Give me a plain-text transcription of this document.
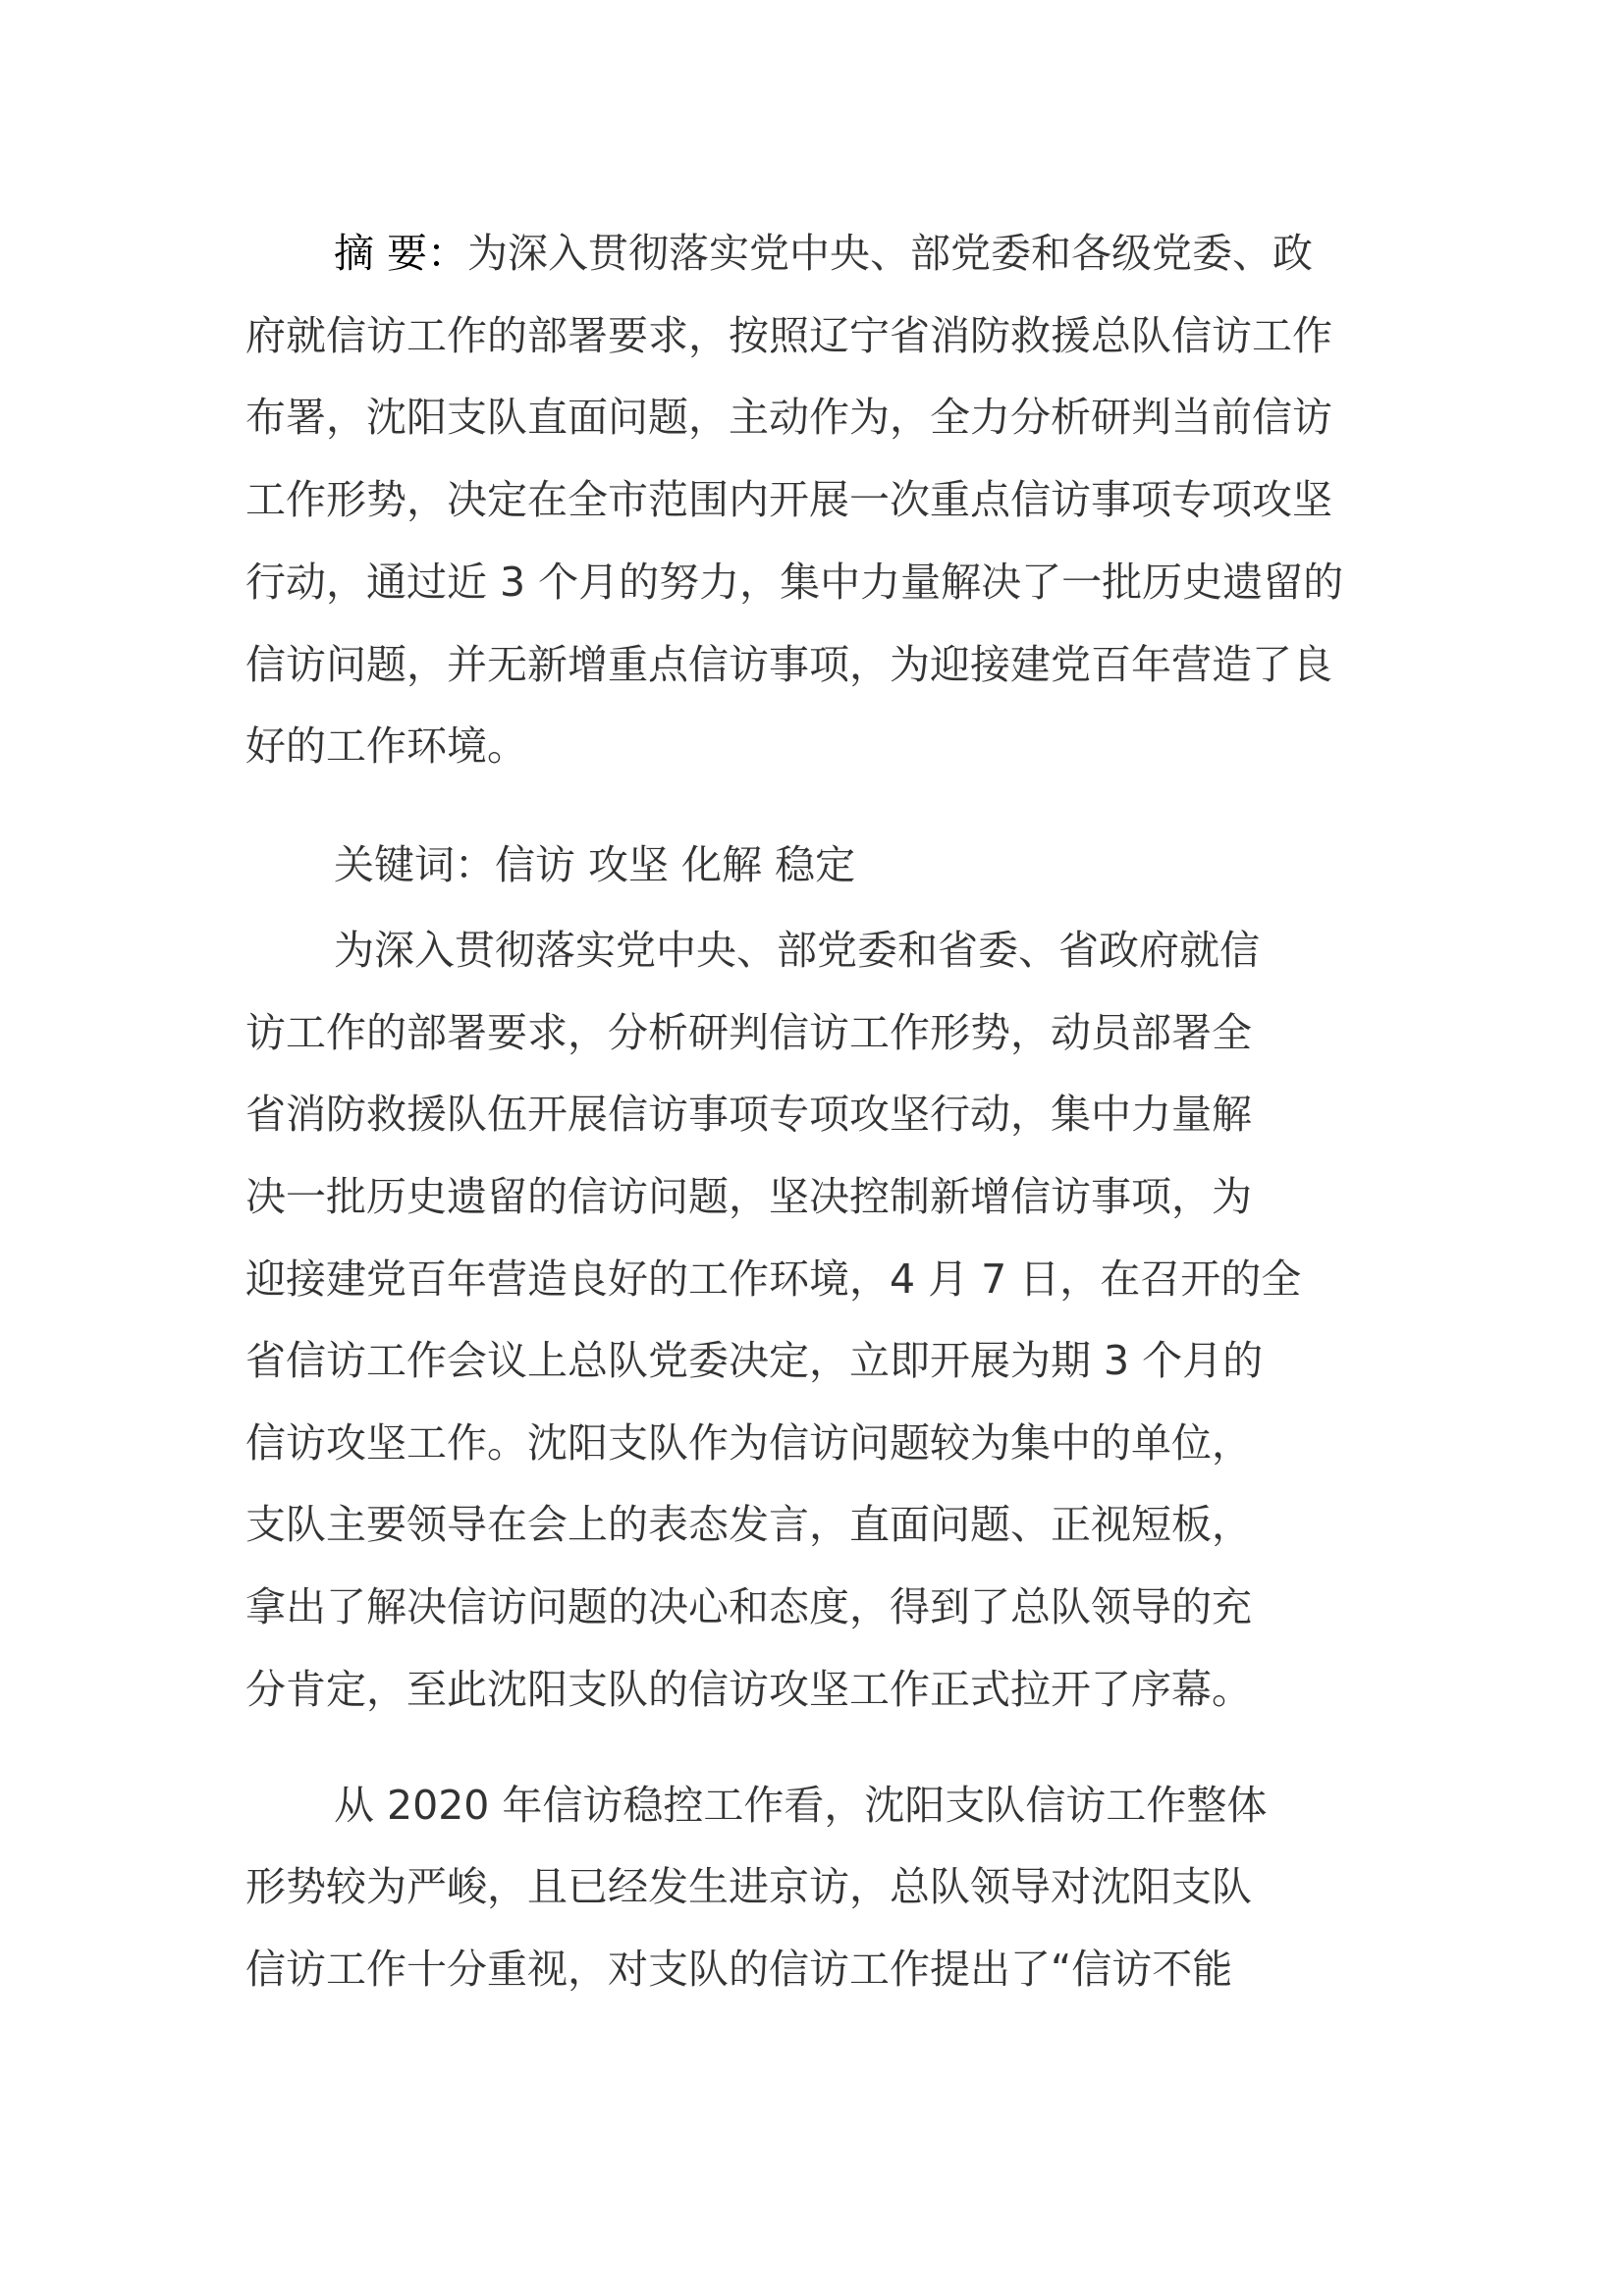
摘 要：为深入贯彻落实党中央、部党委和各级党委、政
府就信访工作的部署要求，按照辽宁省消防救援总队信访工作
布署，沈阳支队直面问题，主动作为，全力分析研判当前信访
工作形势，决定在全市范围内开展一次重点信访事项专项攻坚
行动，通过近 3 个月的努力，集中力量解决了一批历史遗留的
信访问题，并无新增重点信访事项，为迎接建党百年营造了良
好的工作环境。
关键词：信访 攻坚 化解 稳定
为深入贯彻落实党中央、部党委和省委、省政府就信
访工作的部署要求，分析研判信访工作形势，动员部署全
省消防救援队伍开展信访事项专项攻坚行动，集中力量解
决一批历史遗留的信访问题，坚决控制新增信访事项，为
迎接建党百年营造良好的工作环境，4 月 7 日，在召开的全
省信访工作会议上总队党委决定，立即开展为期 3 个月的
信访攻坚工作。沈阳支队作为信访问题较为集中的单位，
支队主要领导在会上的表态发言，直面问题、正视短板，
拿出了解决信访问题的决心和态度，得到了总队领导的充
分肯定，至此沈阳支队的信访攻坚工作正式拉开了序幕。
从 2020 年信访稳控工作看，沈阳支队信访工作整体
形势较为严峻，且已经发生进京访，总队领导对沈阳支队
信访工作十分重视，对支队的信访工作提出了“信访不能
